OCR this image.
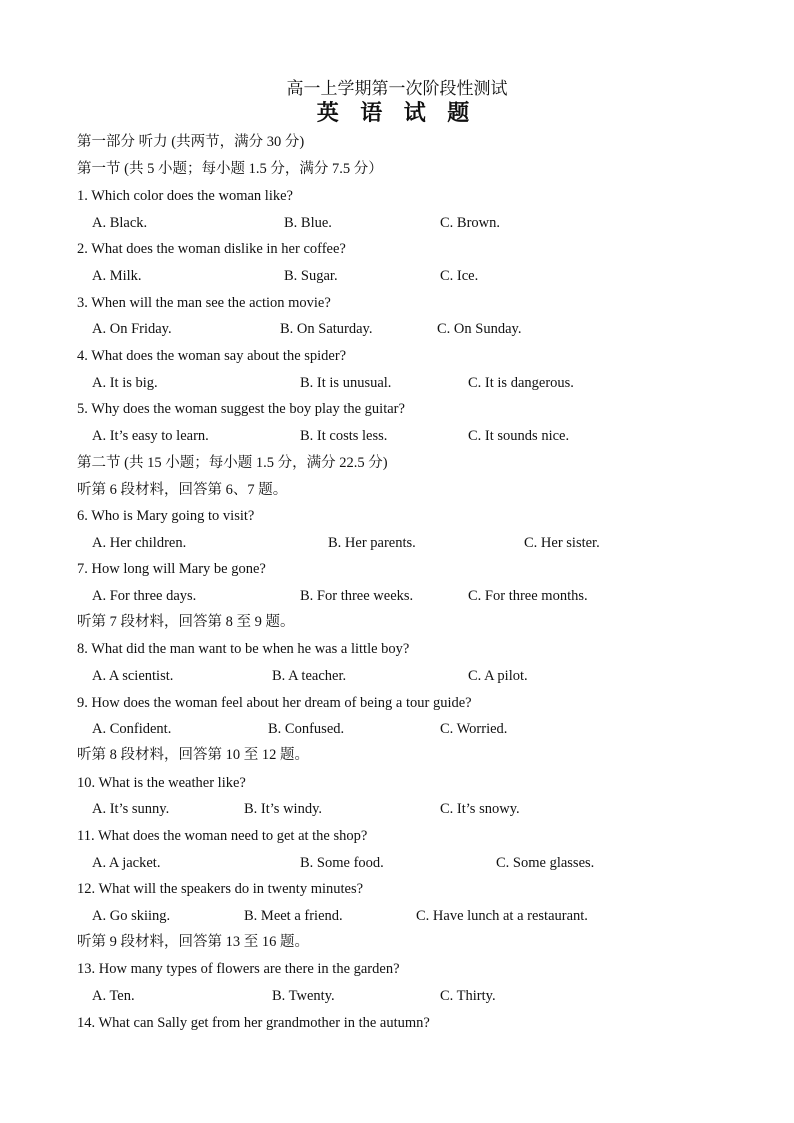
高一上学期第一次阶段性测试
英 语 试 题
第一部分 听力 (共两节，满分 30 分)
第一节 (共 5 小题；每小题 1.5 分，满分 7.5 分）
1. Which color does the woman like?
A. Black.	B. Blue.	C. Brown.
2. What does the woman dislike in her coffee?
A. Milk.	B. Sugar.	C. Ice.
3. When will the man see the action movie?
A. On Friday.	B. On Saturday.	C. On Sunday.
4. What does the woman say about the spider?
A. It is big.	B. It is unusual.	C. It is dangerous.
5. Why does the woman suggest the boy play the guitar?
A. It’s easy to learn.	B. It costs less.	C. It sounds nice.
第二节 (共 15 小题；每小题 1.5 分，满分 22.5 分)
听第 6 段材料，回答第 6、7 题。
6. Who is Mary going to visit?
A. Her children.	B. Her parents.	C. Her sister.
7. How long will Mary be gone?
A. For three days.	B. For three weeks.	C. For three months.
听第 7 段材料，回答第 8 至 9 题。
8. What did the man want to be when he was a little boy?
A. A scientist.	B. A teacher.	C. A pilot.
9. How does the woman feel about her dream of being a tour guide?
A. Confident.	B. Confused.	C. Worried.
听第 8 段材料，回答第 10 至 12 题。
10. What is the weather like?
A. It’s sunny.	B. It’s windy.	C. It’s snowy.
11. What does the woman need to get at the shop?
A. A jacket.	B. Some food.	C. Some glasses.
12. What will the speakers do in twenty minutes?
A. Go skiing.	B. Meet a friend.	C. Have lunch at a restaurant.
听第 9 段材料，回答第 13 至 16 题。
13. How many types of flowers are there in the garden?
A. Ten.	B. Twenty.	C. Thirty.
14. What can Sally get from her grandmother in the autumn?
